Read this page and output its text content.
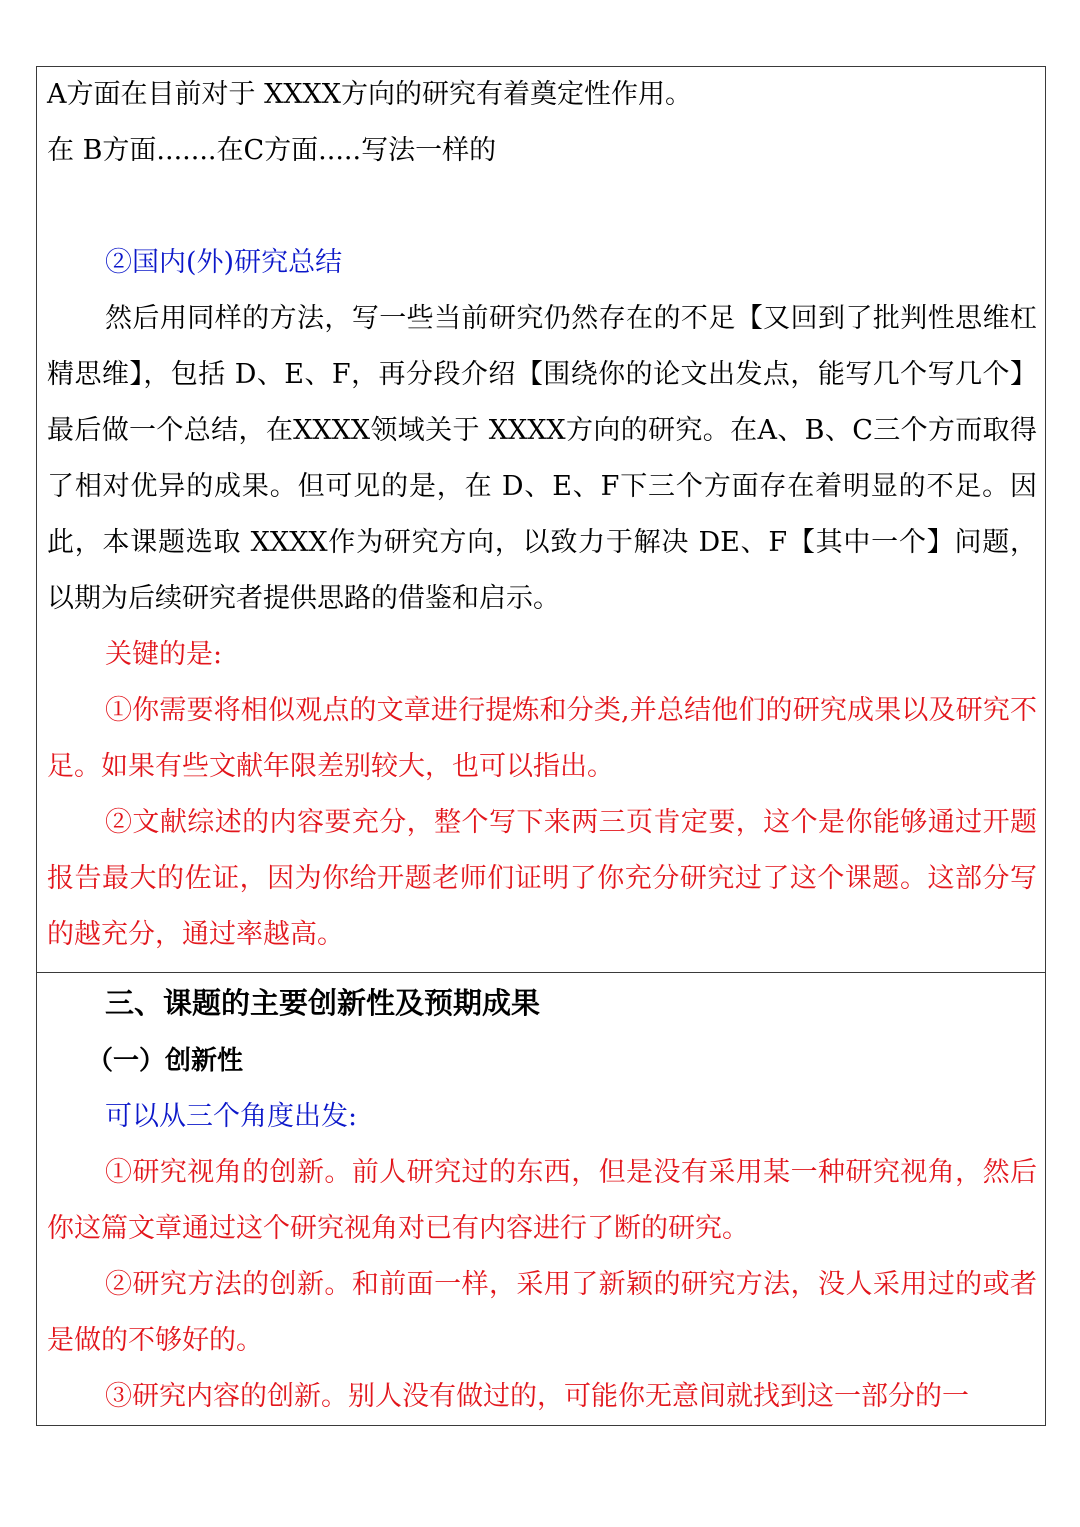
A方面在目前对于 XXXX方向的研究有着奠定性作用。

在 B方面.......在C方面.....写法一样的

②国内(外)研究总结

然后用同样的方法，写一些当前研究仍然存在的不足【又回到了批判性思维杠精思维】，包括 D、E、F，再分段介绍【围绕你的论文出发点，能写几个写几个】最后做一个总结，在XXXX领域关于 XXXX方向的研究。在A、B、C三个方而取得了相对优异的成果。但可见的是，在 D、E、F下三个方面存在着明显的不足。因此，本课题选取 XXXX作为研究方向，以致力于解决 DE、F【其中一个】问题，以期为后续研究者提供思路的借鉴和启示。

关键的是:

①你需要将相似观点的文章进行提炼和分类,并总结他们的研究成果以及研究不足。如果有些文献年限差别较大，也可以指出。

②文献综述的内容要充分，整个写下来两三页肯定要，这个是你能够通过开题报告最大的佐证，因为你给开题老师们证明了你充分研究过了这个课题。这部分写的越充分，通过率越高。

三、课题的主要创新性及预期成果

（一）创新性

可以从三个角度出发:

①研究视角的创新。前人研究过的东西，但是没有采用某一种研究视角，然后你这篇文章通过这个研究视角对已有内容进行了断的研究。

②研究方法的创新。和前面一样，采用了新颖的研究方法，没人采用过的或者是做的不够好的。

③研究内容的创新。别人没有做过的，可能你无意间就找到这一部分的一
